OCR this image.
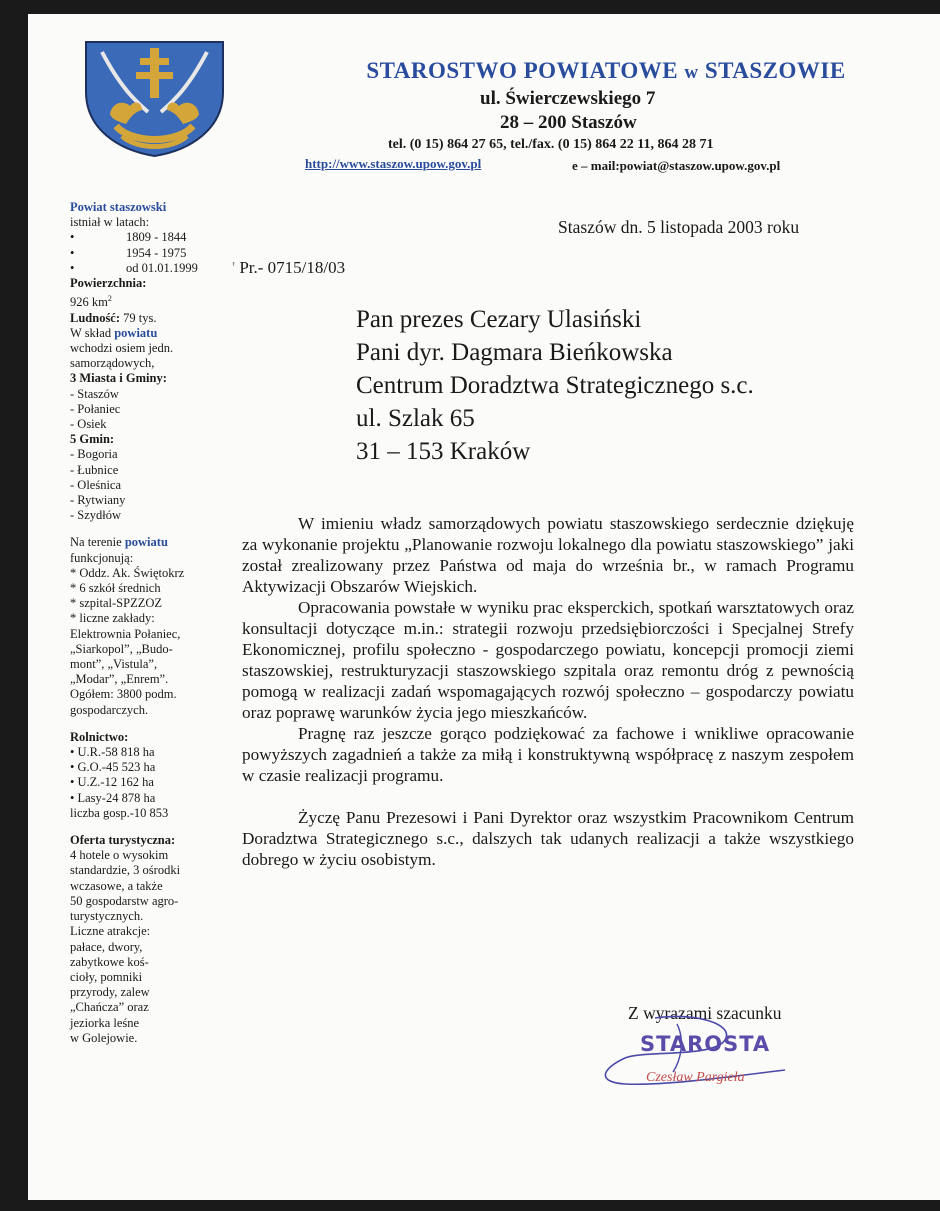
STAROSTWO POWIATOWE w STASZOWIE
ul. Świerczewskiego 7
28 – 200 Staszów
tel. (0 15) 864 27 65, tel./fax. (0 15) 864 22 11, 864 28 71
http://www.staszow.upow.gov.pl	e – mail:powiat@staszow.upow.gov.pl
Powiat staszowski
istniał w latach:
•	1809 - 1844
•	1954 - 1975
•	od 01.01.1999
Powierzchnia:
926 $km^2$
Ludność: 79 tys.
W skład powiatu
wchodzi osiem jedn.
samorządowych,
3 Miasta i Gminy:
- Staszów
- Połaniec
- Osiek
5 Gmin:
- Bogoria
- Łubnice
- Oleśnica
- Rytwiany
- Szydłów
Na terenie powiatu
funkcjonują:
* Oddz. Ak. Świętokrz
* 6 szkół średnich
* szpital-SPZZOZ
* liczne zakłady:
Elektrownia Połaniec,
„Siarkopol”, „Budo-
mont”, „Vistula”,
„Modar”, „Enrem”.
Ogółem: 3800 podm.
gospodarczych.
Rolnictwo:
• U.R.-58 818 ha
• G.O.-45 523 ha
• U.Z.-12 162 ha
• Lasy-24 878 ha
liczba gosp.-10 853
Oferta turystyczna:
4 hotele o wysokim
standardzie, 3 ośrodki
wczasowe, a także
50 gospodarstw agro-
turystycznych.
Liczne atrakcje:
pałace, dwory,
zabytkowe koś-
cioły, pomniki
przyrody, zalew
„Chańcza” oraz
jeziorka leśne
w Golejowie.
Staszów dn. 5 listopada 2003 roku
' Pr.- 0715/18/03
Pan prezes Cezary Ulasiński
Pani dyr. Dagmara Bieńkowska
Centrum Doradztwa Strategicznego s.c.
ul. Szlak 65
31 – 153 Kraków

W imieniu władz samorządowych powiatu staszowskiego serdecznie dziękuję za wykonanie projektu „Planowanie rozwoju lokalnego dla powiatu staszowskiego” jaki został zrealizowany przez Państwa od maja do września br., w ramach Programu Aktywizacji Obszarów Wiejskich.

Opracowania powstałe w wyniku prac eksperckich, spotkań warsztatowych oraz konsultacji dotyczące m.in.: strategii rozwoju przedsiębiorczości i Specjalnej Strefy Ekonomicznej, profilu społeczno - gospodarczego powiatu, koncepcji promocji ziemi staszowskiej, restrukturyzacji staszowskiego szpitala oraz remontu dróg z pewnością pomogą w realizacji zadań wspomagających rozwój społeczno – gospodarczy powiatu oraz poprawę warunków życia jego mieszkańców.

Pragnę raz jeszcze gorąco podziękować za fachowe i wnikliwe opracowanie powyższych zagadnień a także za miłą i konstruktywną współpracę z naszym zespołem w czasie realizacji programu.

Życzę Panu Prezesowi i Pani Dyrektor oraz wszystkim Pracownikom Centrum Doradztwa Strategicznego s.c., dalszych tak udanych realizacji a także wszystkiego dobrego w życiu osobistym.

Z wyrazami szacunku
STAROSTA
Czesław Pargieła
